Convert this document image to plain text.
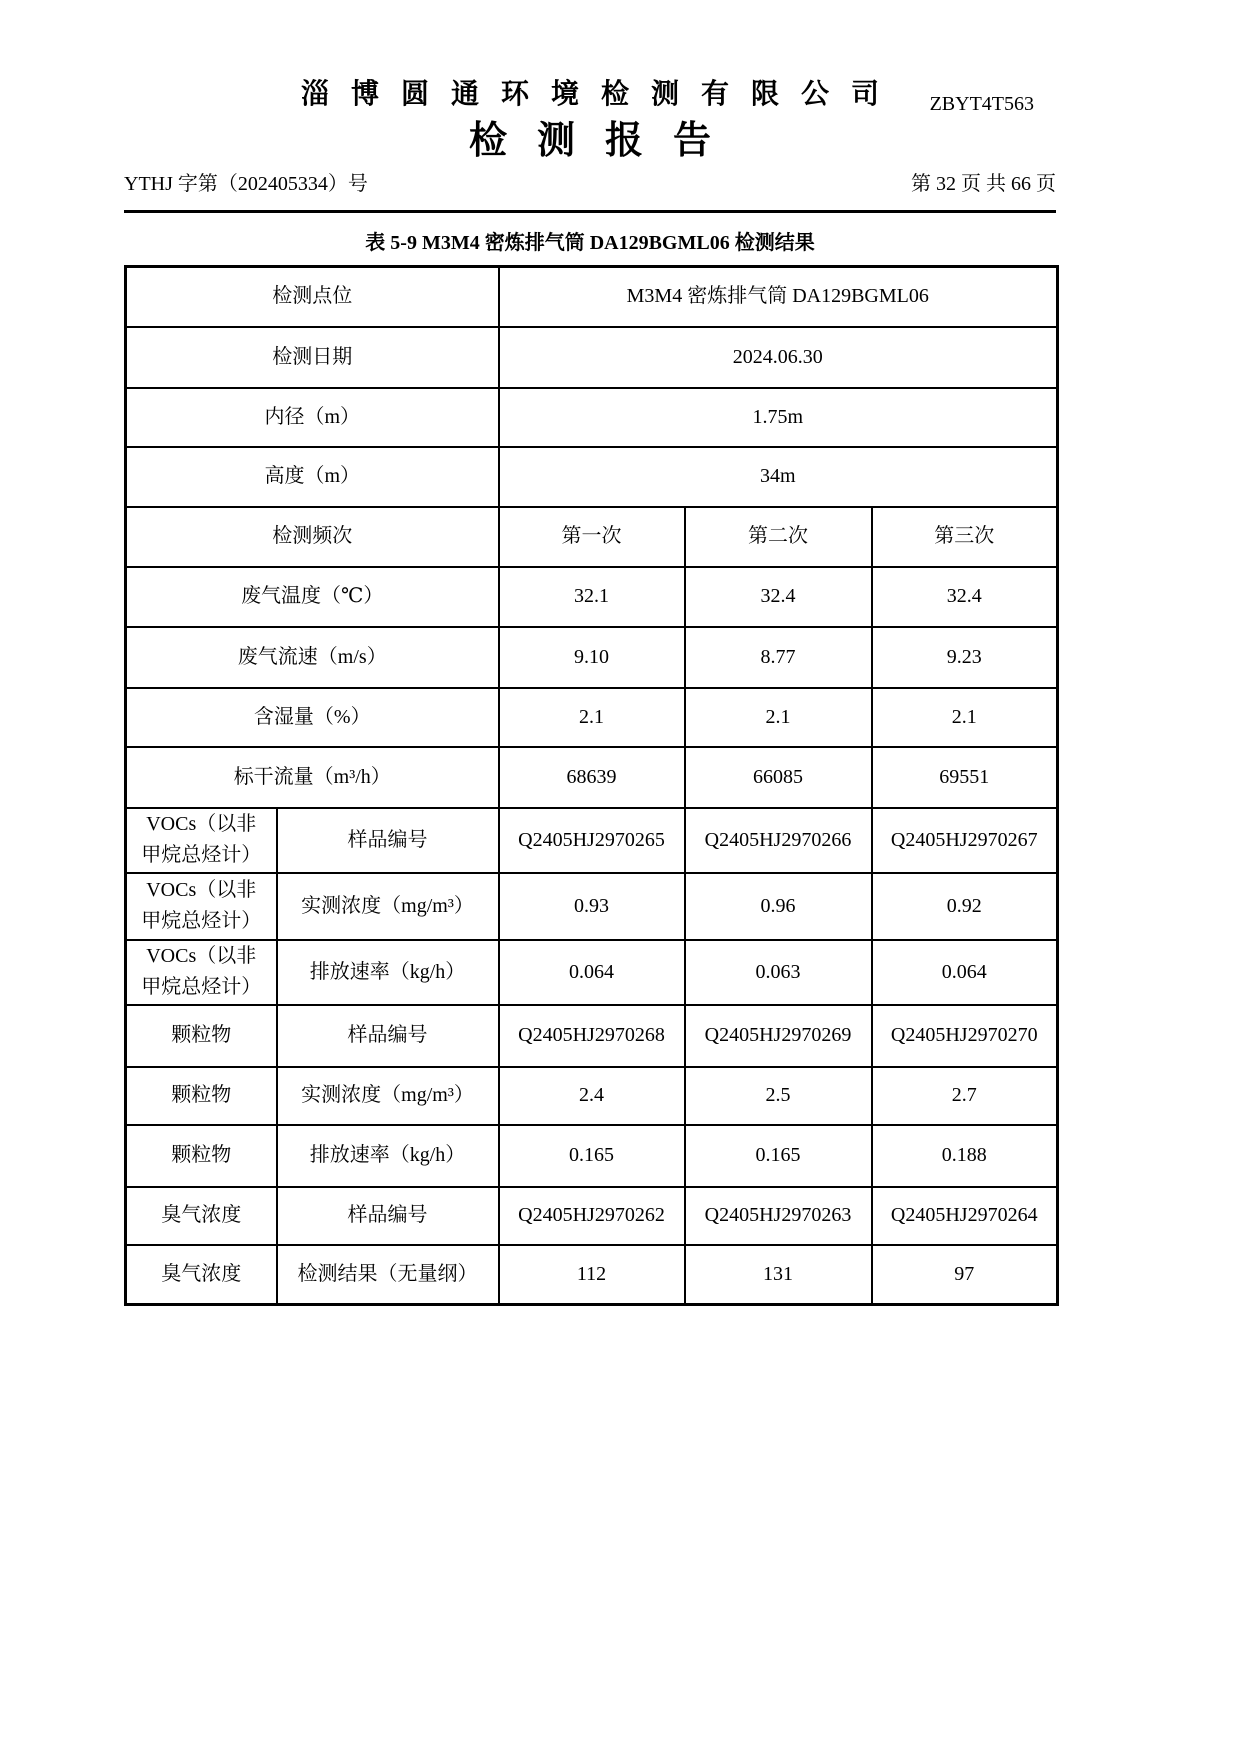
淄博圆通环境检测有限公司	ZBYT4T563
检测报告
YTHJ 字第（202405334）号	第 32 页 共 66 页
表 5-9 M3M4 密炼排气筒 DA129BGML06 检测结果
检测点位		M3M4 密炼排气筒 DA129BGML06		
检测日期		2024.06.30		
内径（m）		1.75m		
高度（m）		34m		
检测频次		第一次	第二次	第三次
废气温度（℃）		32.1	32.4	32.4
废气流速（m/s）		9.10	8.77	9.23
含湿量（%）		2.1	2.1	2.1
标干流量（m³/h）		68639	66085	69551
VOCs（以非甲烷总烃计）	样品编号	Q2405HJ2970265	Q2405HJ2970266	Q2405HJ2970267
VOCs（以非甲烷总烃计）	实测浓度（mg/m³）	0.93	0.96	0.92
VOCs（以非甲烷总烃计）	排放速率（kg/h）	0.064	0.063	0.064
颗粒物	样品编号	Q2405HJ2970268	Q2405HJ2970269	Q2405HJ2970270
颗粒物	实测浓度（mg/m³）	2.4	2.5	2.7
颗粒物	排放速率（kg/h）	0.165	0.165	0.188
臭气浓度	样品编号	Q2405HJ2970262	Q2405HJ2970263	Q2405HJ2970264
臭气浓度	检测结果（无量纲）	112	131	97
